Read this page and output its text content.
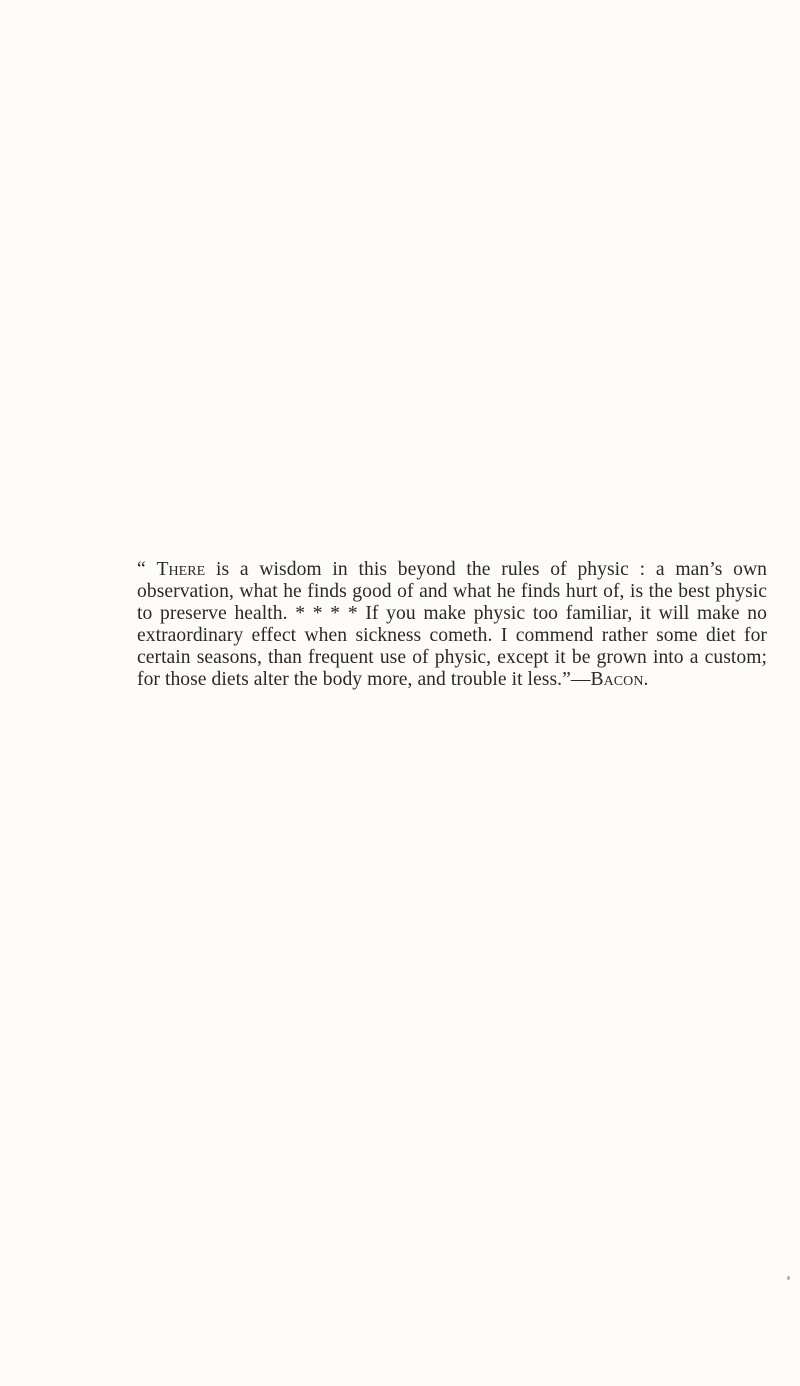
“ There is a wisdom in this beyond the rules of physic : a man’s own observation, what he finds good of and what he finds hurt of, is the best physic to preserve health. * * * * If you make physic too familiar, it will make no extraordinary effect when sickness cometh. I commend rather some diet for certain seasons, than frequent use of physic, except it be grown into a custom; for those diets alter the body more, and trouble it less.”—Bacon.
